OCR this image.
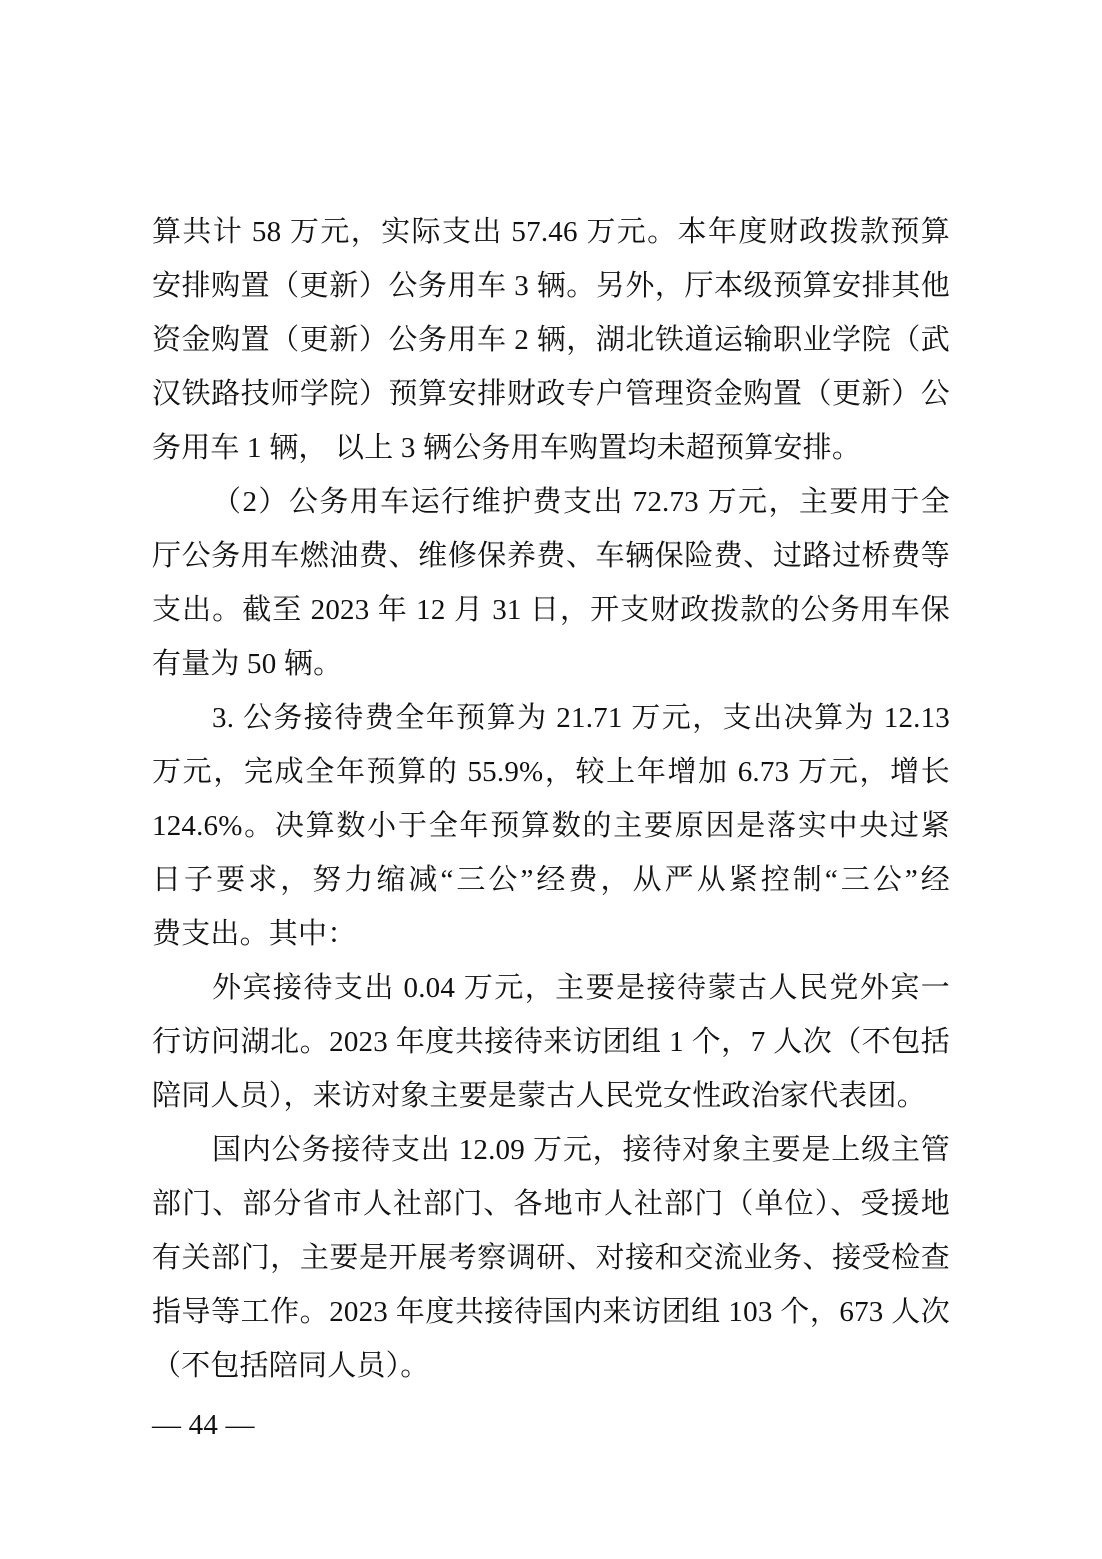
算共计 58 万元，实际支出 57.46 万元。本年度财政拨款预算
安排购置（更新）公务用车 3 辆。另外，厅本级预算安排其他
资金购置（更新）公务用车 2 辆，湖北铁道运输职业学院（武
汉铁路技师学院）预算安排财政专户管理资金购置（更新）公
务用车 1 辆， 以上 3 辆公务用车购置均未超预算安排。
（2）公务用车运行维护费支出 72.73 万元，主要用于全
厅公务用车燃油费、维修保养费、车辆保险费、过路过桥费等
支出。截至 2023 年 12 月 31 日，开支财政拨款的公务用车保
有量为 50 辆。
3. 公务接待费全年预算为 21.71 万元，支出决算为 12.13
万元，完成全年预算的 55.9%，较上年增加 6.73 万元，增长
124.6%。决算数小于全年预算数的主要原因是落实中央过紧
日子要求，努力缩减“三公”经费，从严从紧控制“三公”经
费支出。其中：
外宾接待支出 0.04 万元，主要是接待蒙古人民党外宾一
行访问湖北。2023 年度共接待来访团组 1 个，7 人次（不包括
陪同人员），来访对象主要是蒙古人民党女性政治家代表团。
国内公务接待支出 12.09 万元，接待对象主要是上级主管
部门、部分省市人社部门、各地市人社部门（单位）、受援地
有关部门，主要是开展考察调研、对接和交流业务、接受检查
指导等工作。2023 年度共接待国内来访团组 103 个，673 人次
（不包括陪同人员）。
— 44 —
